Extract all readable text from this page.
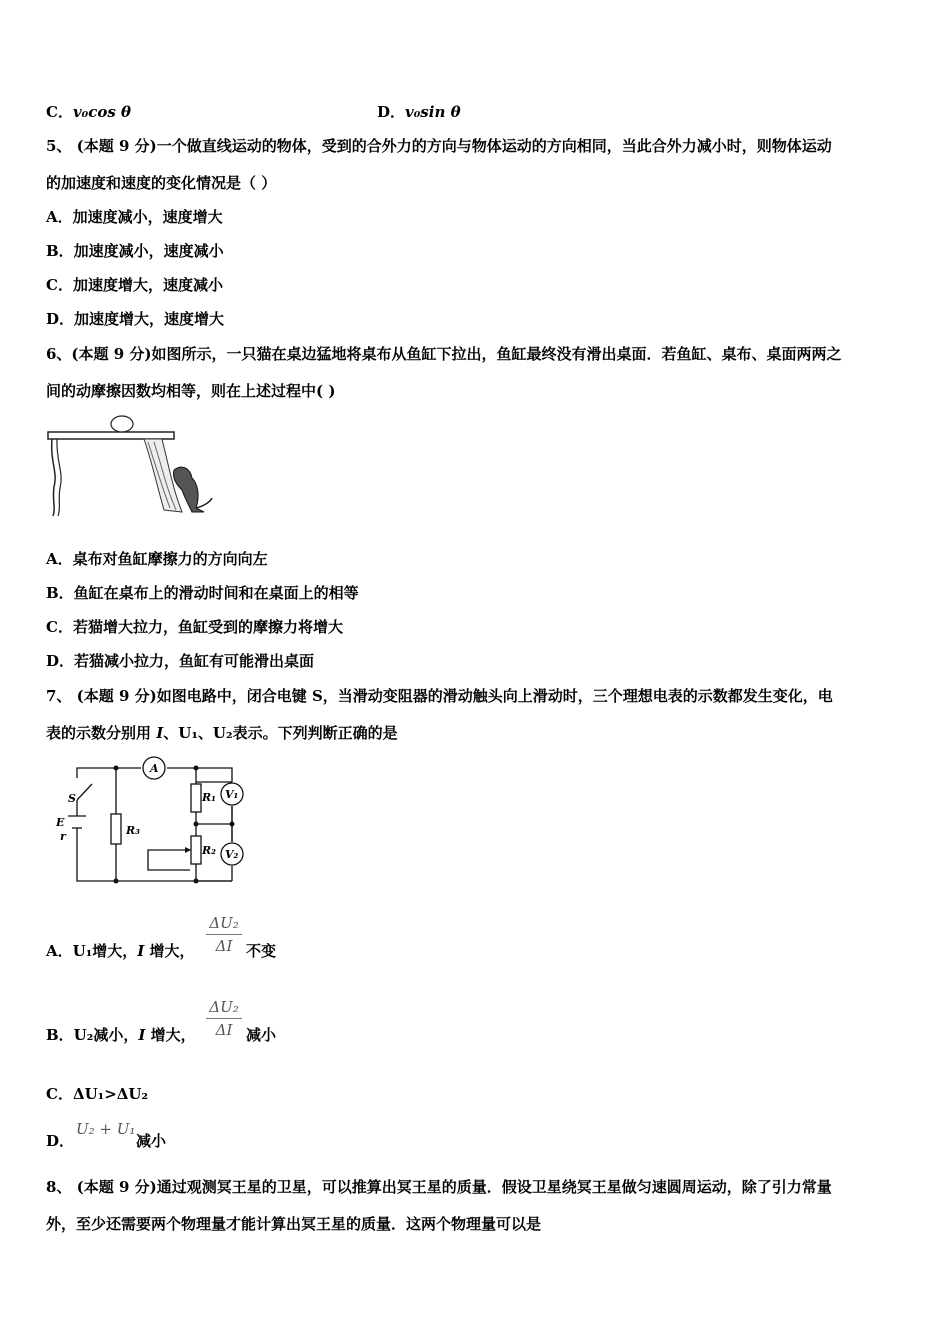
C．v₀cos θ	D．v₀sin θ
5、 (本题 9 分)一个做直线运动的物体，受到的合外力的方向与物体运动的方向相同，当此合外力减小时，则物体运动
的加速度和速度的变化情况是（ ）
A．加速度减小，速度增大
B．加速度减小，速度减小
C．加速度增大，速度减小
D．加速度增大，速度增大
6、(本题 9 分)如图所示，一只猫在桌边猛地将桌布从鱼缸下拉出，鱼缸最终没有滑出桌面．若鱼缸、桌布、桌面两两之
间的动摩擦因数均相等，则在上述过程中( )
A．桌布对鱼缸摩擦力的方向向左
B．鱼缸在桌布上的滑动时间和在桌面上的相等
C．若猫增大拉力，鱼缸受到的摩擦力将增大
D．若猫减小拉力，鱼缸有可能滑出桌面
7、 (本题 9 分)如图电路中，闭合电键 S，当滑动变阻器的滑动触头向上滑动时，三个理想电表的示数都发生变化，电
表的示数分别用 I、U₁、U₂表示。下列判断正确的是
S
E
r	R₃
R₁
R₂
A
V₁
V₂
A．U₁增大，I 增大，
ΔU₂
ΔI 不变
B．U₂减小，I 增大，
ΔU₂
ΔI 减小
C．ΔU₁>ΔU₂
D．
U₂ + U₁
减小
8、 (本题 9 分)通过观测冥王星的卫星，可以推算出冥王星的质量．假设卫星绕冥王星做匀速圆周运动，除了引力常量
外，至少还需要两个物理量才能计算出冥王星的质量．这两个物理量可以是
